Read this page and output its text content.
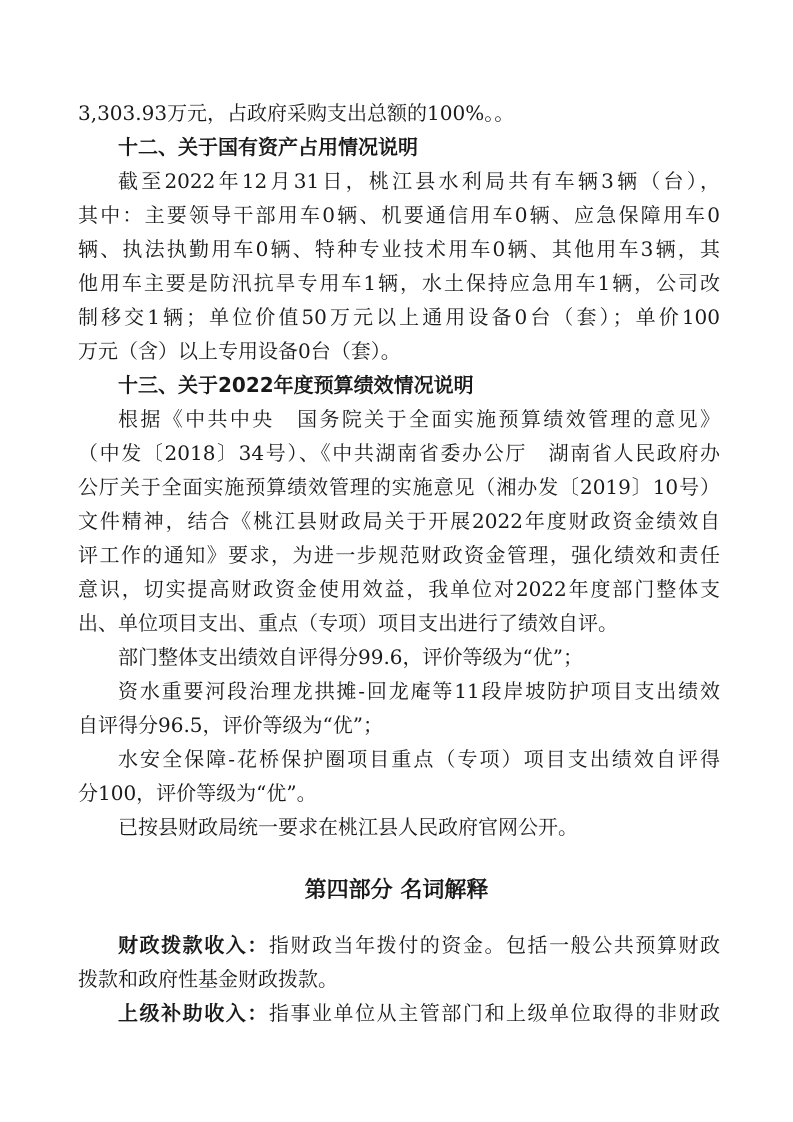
3,303.93万元，占政府采购支出总额的100%。。
十二、关于国有资产占用情况说明
截至2022年12月31日，桃江县水利局共有车辆3辆（台），
其中：主要领导干部用车0辆、机要通信用车0辆、应急保障用车0
辆、执法执勤用车0辆、特种专业技术用车0辆、其他用车3辆，其
他用车主要是防汛抗旱专用车1辆，水土保持应急用车1辆，公司改
制移交1辆；单位价值50万元以上通用设备0台（套）；单价100
万元（含）以上专用设备0台（套）。
十三、关于2022年度预算绩效情况说明
根据《中共中央　国务院关于全面实施预算绩效管理的意见》
（中发〔2018〕34号）、《中共湖南省委办公厅　湖南省人民政府办
公厅关于全面实施预算绩效管理的实施意见（湘办发〔2019〕10号）
文件精神，结合《桃江县财政局关于开展2022年度财政资金绩效自
评工作的通知》要求，为进一步规范财政资金管理，强化绩效和责任
意识，切实提高财政资金使用效益，我单位对2022年度部门整体支
出、单位项目支出、重点（专项）项目支出进行了绩效自评。
部门整体支出绩效自评得分99.6，评价等级为“优”；
资水重要河段治理龙拱摊-回龙庵等11段岸坡防护项目支出绩效
自评得分96.5，评价等级为“优”；
水安全保障-花桥保护圈项目重点（专项）项目支出绩效自评得
分100，评价等级为“优”。
已按县财政局统一要求在桃江县人民政府官网公开。
第四部分 名词解释
财政拨款收入：指财政当年拨付的资金。包括一般公共预算财政
拨款和政府性基金财政拨款。
上级补助收入：指事业单位从主管部门和上级单位取得的非财政
